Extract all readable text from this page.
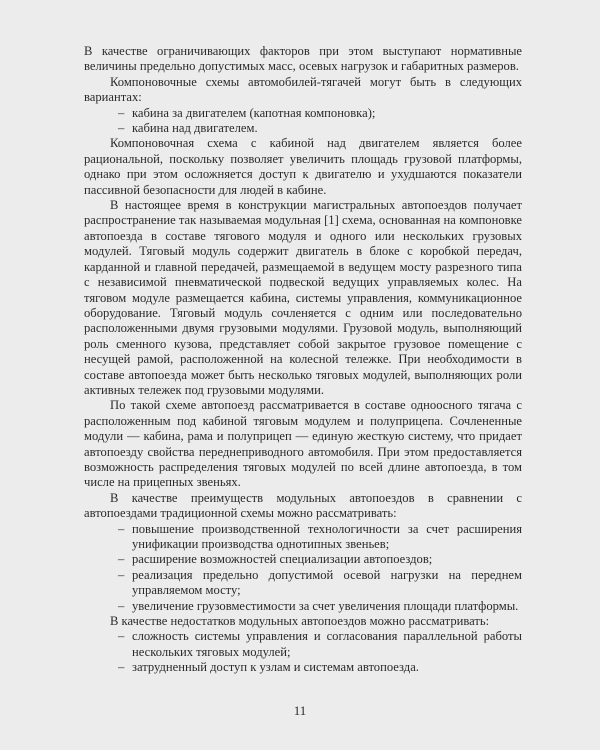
В качестве ограничивающих факторов при этом выступают нормативные величины предельно допустимых масс, осевых нагрузок и габаритных размеров.

Компоновочные схемы автомобилей-тягачей могут быть в следующих вариантах:

– кабина за двигателем (капотная компоновка);
– кабина над двигателем.

Компоновочная схема с кабиной над двигателем является более рациональной, поскольку позволяет увеличить площадь грузовой платформы, однако при этом осложняется доступ к двигателю и ухудшаются показатели пассивной безопасности для людей в кабине.

В настоящее время в конструкции магистральных автопоездов получает распространение так называемая модульная [1] схема, основанная на компоновке автопоезда в составе тягового модуля и одного или нескольких грузовых модулей. Тяговый модуль содержит двигатель в блоке с коробкой передач, карданной и главной передачей, размещаемой в ведущем мосту разрезного типа с независимой пневматической подвеской ведущих управляемых колес. На тяговом модуле размещается кабина, системы управления, коммуникационное оборудование. Тяговый модуль сочленяется с одним или последовательно расположенными двумя грузовыми модулями. Грузовой модуль, выполняющий роль сменного кузова, представляет собой закрытое грузовое помещение с несущей рамой, расположенной на колесной тележке. При необходимости в составе автопоезда может быть несколько тяговых модулей, выполняющих роли активных тележек под грузовыми модулями.

По такой схеме автопоезд рассматривается в составе одноосного тягача с расположенным под кабиной тяговым модулем и полуприцепа. Сочлененные модули — кабина, рама и полуприцеп — единую жесткую систему, что придает автопоезду свойства переднеприводного автомобиля. При этом предоставляется возможность распределения тяговых модулей по всей длине автопоезда, в том числе на прицепных звеньях.

В качестве преимуществ модульных автопоездов в сравнении с автопоездами традиционной схемы можно рассматривать:

– повышение производственной технологичности за счет расширения унификации производства однотипных звеньев;
– расширение возможностей специализации автопоездов;
– реализация предельно допустимой осевой нагрузки на переднем управляемом мосту;
– увеличение грузовместимости за счет увеличения площади платформы.

В качестве недостатков модульных автопоездов можно рассматривать:

– сложность системы управления и согласования параллельной работы нескольких тяговых модулей;
– затрудненный доступ к узлам и системам автопоезда.
11
